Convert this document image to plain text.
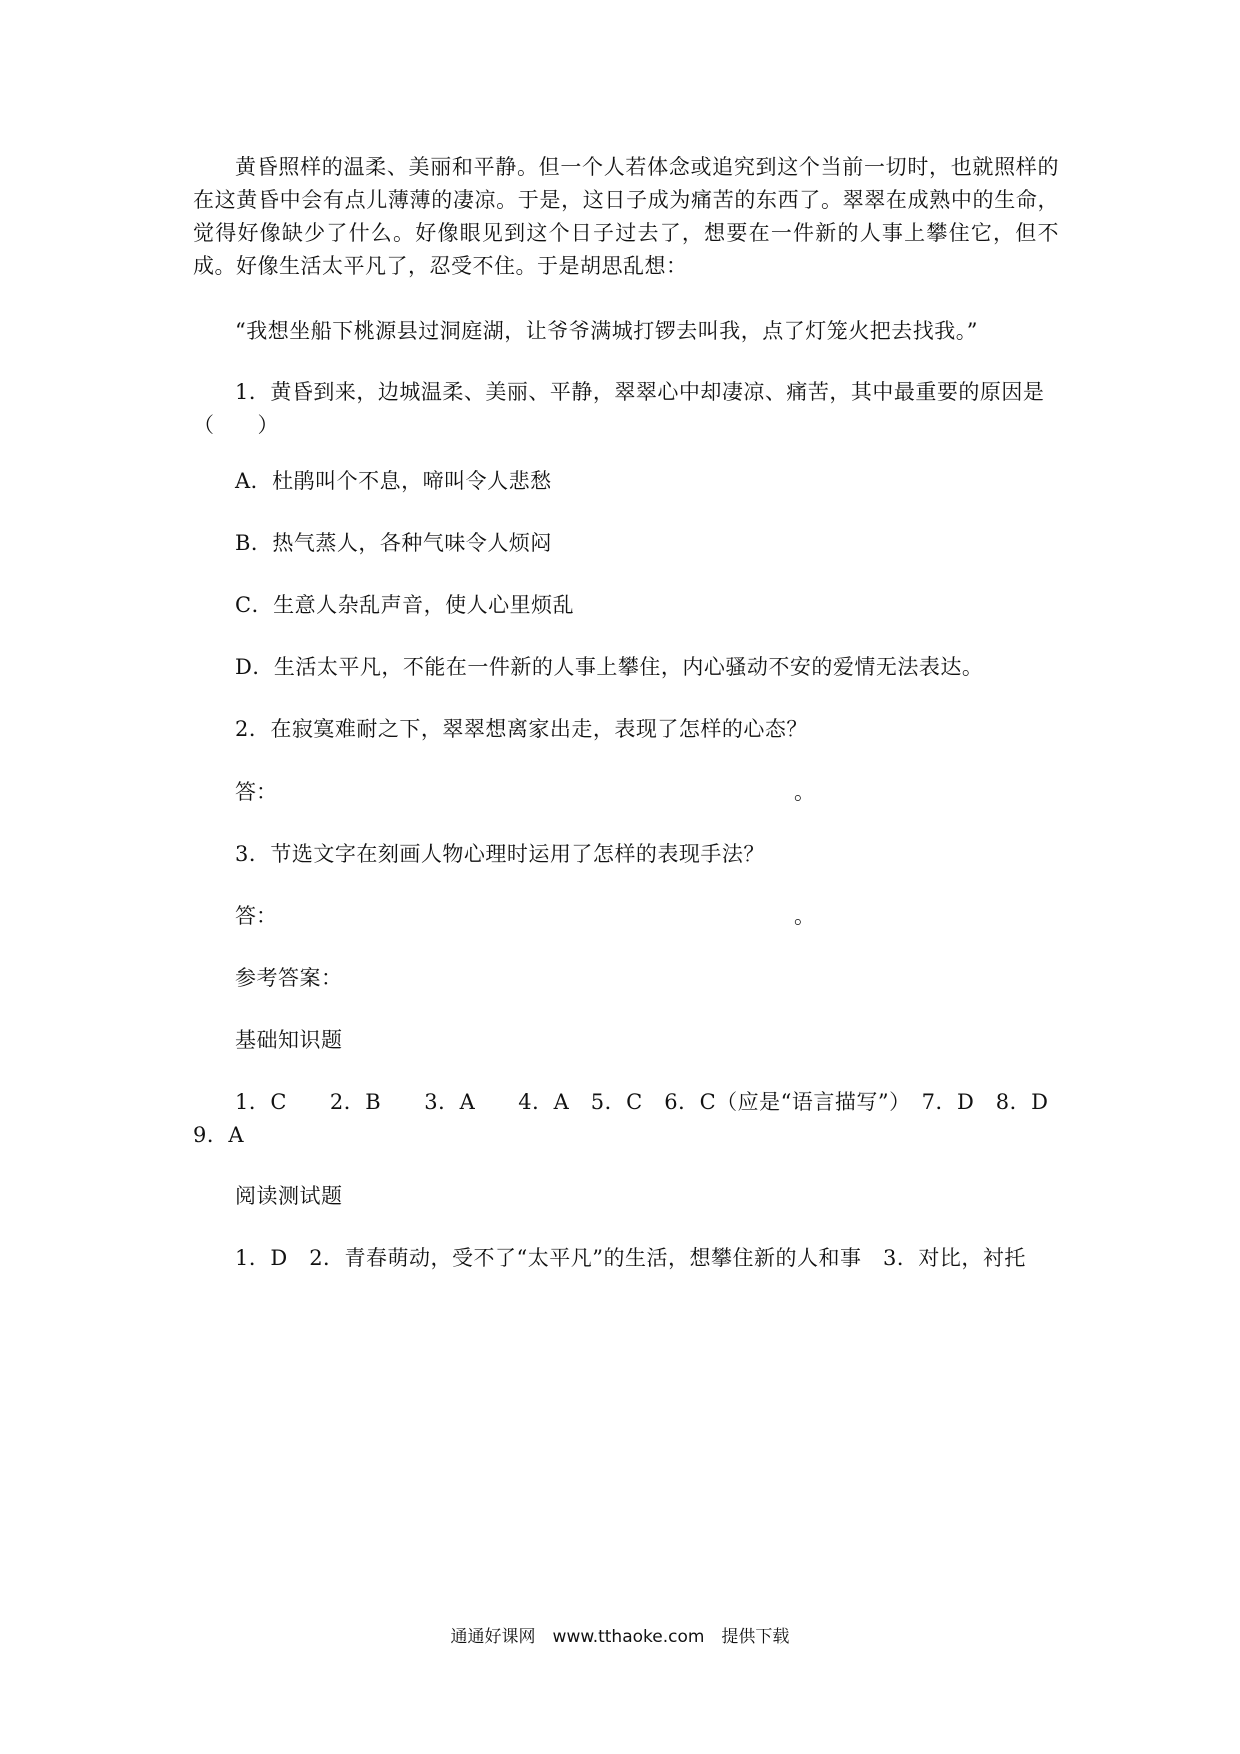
黄昏照样的温柔、美丽和平静。但一个人若体念或追究到这个当前一切时，也就照样的在这黄昏中会有点儿薄薄的凄凉。于是，这日子成为痛苦的东西了。翠翠在成熟中的生命，觉得好像缺少了什么。好像眼见到这个日子过去了，想要在一件新的人事上攀住它，但不成。好像生活太平凡了，忍受不住。于是胡思乱想：
“我想坐船下桃源县过洞庭湖，让爷爷满城打锣去叫我，点了灯笼火把去找我。”
1．黄昏到来，边城温柔、美丽、平静，翠翠心中却凄凉、痛苦，其中最重要的原因是（　　）
A．杜鹃叫个不息，啼叫令人悲愁
B．热气蒸人，各种气味令人烦闷
C．生意人杂乱声音，使人心里烦乱
D．生活太平凡，不能在一件新的人事上攀住，内心骚动不安的爱情无法表达。
2．在寂寞难耐之下，翠翠想离家出走，表现了怎样的心态？
答：	。
3．节选文字在刻画人物心理时运用了怎样的表现手法？
答：	。
参考答案：
基础知识题
1．C　　2．B　　3．A　　4．A　5．C　6．C（应是“语言描写”）　7．D　8．D　9．A
阅读测试题
1．D　2．青春萌动，受不了“太平凡”的生活，想攀住新的人和事　3．对比，衬托
通通好课网　www.tthaoke.com　提供下载
